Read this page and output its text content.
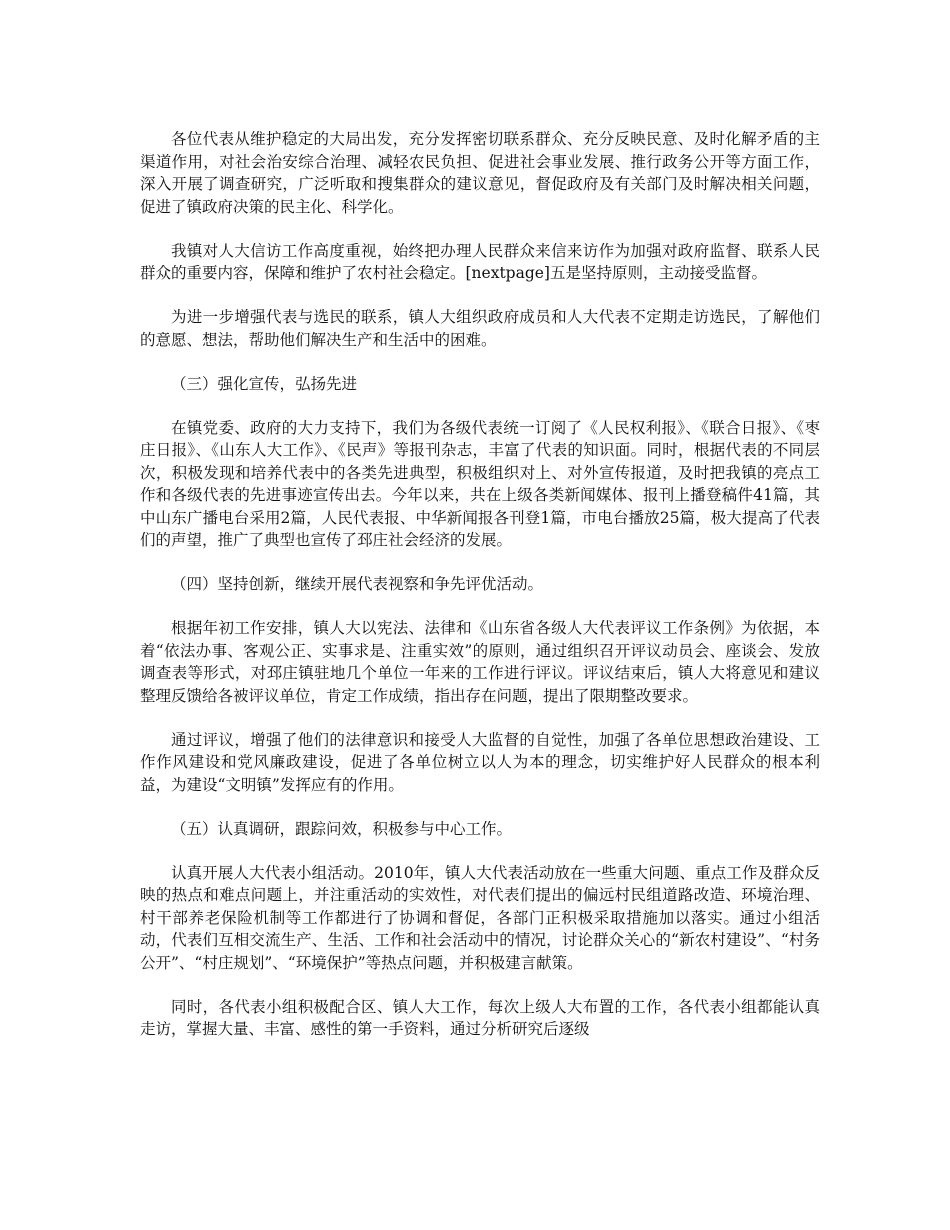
各位代表从维护稳定的大局出发，充分发挥密切联系群众、充分反映民意、及时化解矛盾的主渠道作用，对社会治安综合治理、减轻农民负担、促进社会事业发展、推行政务公开等方面工作，深入开展了调查研究，广泛听取和搜集群众的建议意见，督促政府及有关部门及时解决相关问题，促进了镇政府决策的民主化、科学化。

我镇对人大信访工作高度重视，始终把办理人民群众来信来访作为加强对政府监督、联系人民群众的重要内容，保障和维护了农村社会稳定。[nextpage]五是坚持原则，主动接受监督。

为进一步增强代表与选民的联系，镇人大组织政府成员和人大代表不定期走访选民，了解他们的意愿、想法，帮助他们解决生产和生活中的困难。

（三）强化宣传，弘扬先进

在镇党委、政府的大力支持下，我们为各级代表统一订阅了《人民权利报》、《联合日报》、《枣庄日报》、《山东人大工作》、《民声》等报刊杂志，丰富了代表的知识面。同时，根据代表的不同层次，积极发现和培养代表中的各类先进典型，积极组织对上、对外宣传报道，及时把我镇的亮点工作和各级代表的先进事迹宣传出去。今年以来，共在上级各类新闻媒体、报刊上播登稿件41篇，其中山东广播电台采用2篇，人民代表报、中华新闻报各刊登1篇，市电台播放25篇，极大提高了代表们的声望，推广了典型也宣传了邳庄社会经济的发展。

（四）坚持创新，继续开展代表视察和争先评优活动。

根据年初工作安排，镇人大以宪法、法律和《山东省各级人大代表评议工作条例》为依据，本着“依法办事、客观公正、实事求是、注重实效”的原则，通过组织召开评议动员会、座谈会、发放调查表等形式，对邳庄镇驻地几个单位一年来的工作进行评议。评议结束后，镇人大将意见和建议整理反馈给各被评议单位，肯定工作成绩，指出存在问题，提出了限期整改要求。

通过评议，增强了他们的法律意识和接受人大监督的自觉性，加强了各单位思想政治建设、工作作风建设和党风廉政建设，促进了各单位树立以人为本的理念，切实维护好人民群众的根本利益，为建设“文明镇”发挥应有的作用。

（五）认真调研，跟踪问效，积极参与中心工作。

认真开展人大代表小组活动。2010年，镇人大代表活动放在一些重大问题、重点工作及群众反映的热点和难点问题上，并注重活动的实效性，对代表们提出的偏远村民组道路改造、环境治理、村干部养老保险机制等工作都进行了协调和督促，各部门正积极采取措施加以落实。通过小组活动，代表们互相交流生产、生活、工作和社会活动中的情况，讨论群众关心的“新农村建设”、“村务公开”、“村庄规划”、“环境保护”等热点问题，并积极建言献策。

同时，各代表小组积极配合区、镇人大工作，每次上级人大布置的工作，各代表小组都能认真走访，掌握大量、丰富、感性的第一手资料，通过分析研究后逐级
